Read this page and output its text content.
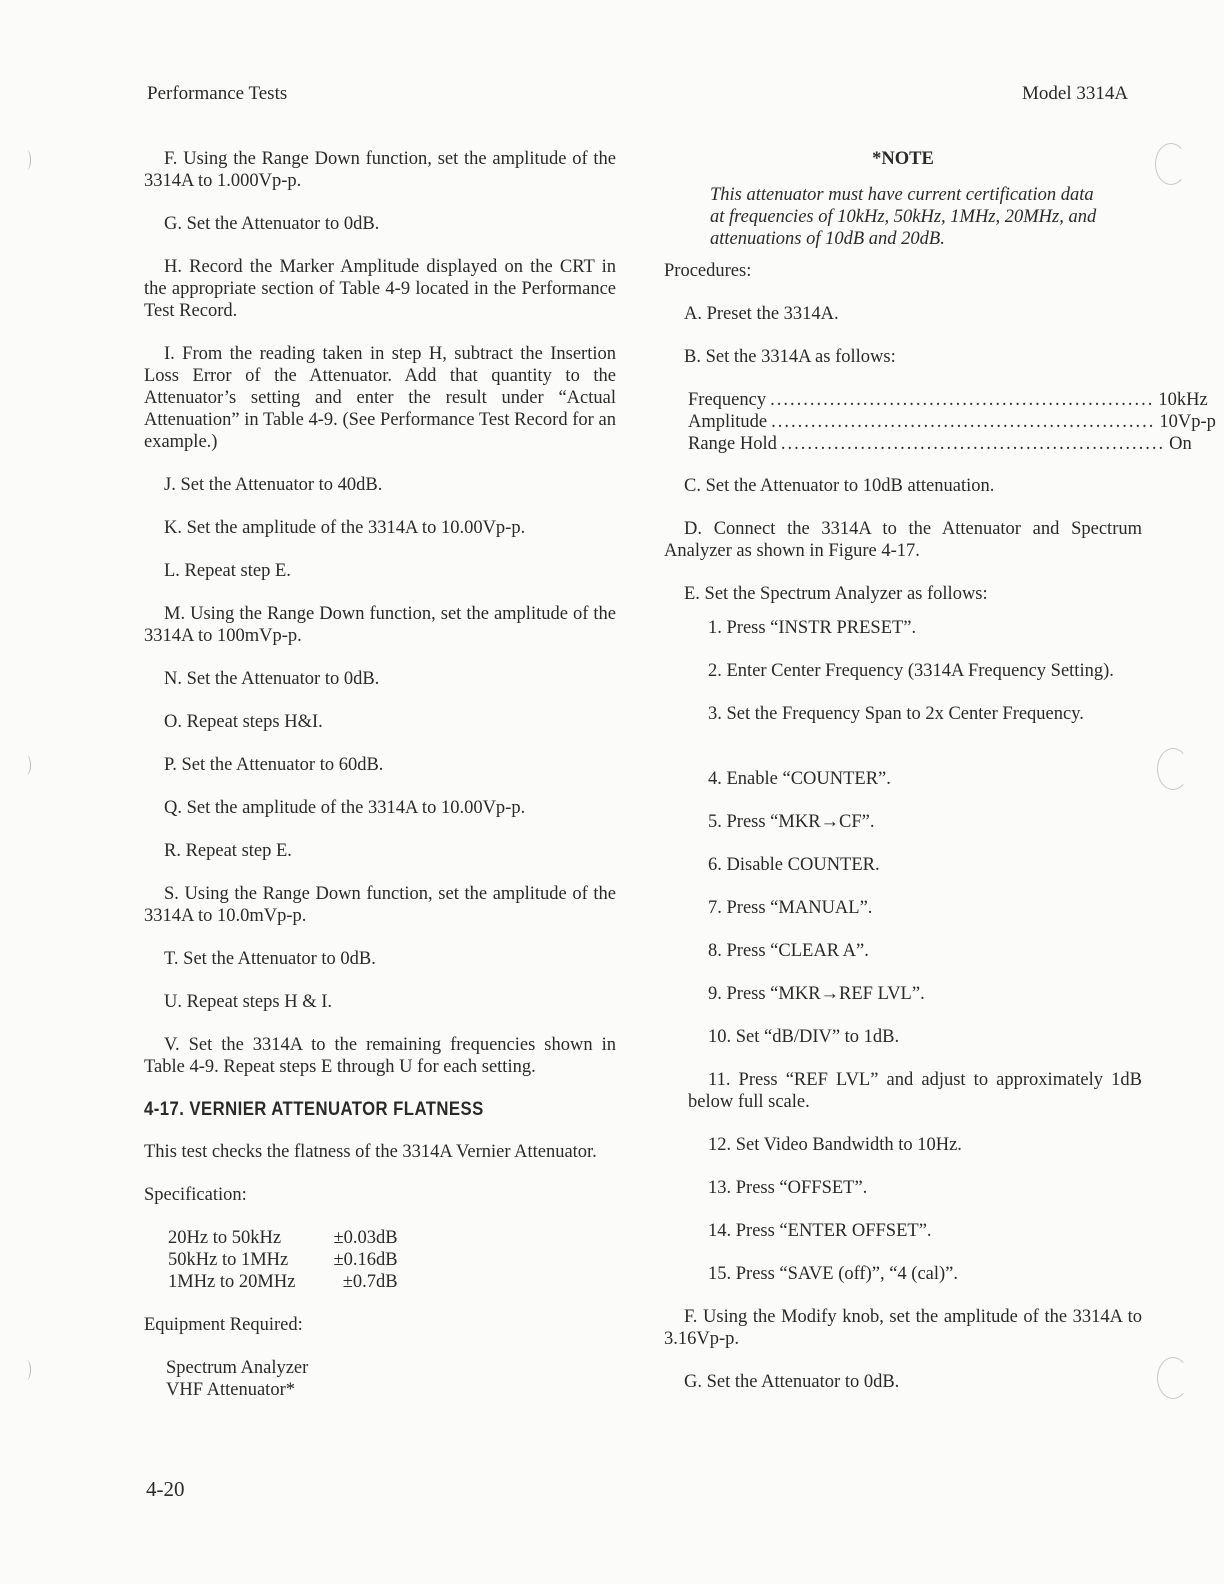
Performance Tests	Model 3314A

F. Using the Range Down function, set the amplitude of the 3314A to 1.000Vp-p.

G. Set the Attenuator to 0dB.

H. Record the Marker Amplitude displayed on the CRT in the appropriate section of Table 4-9 located in the Performance Test Record.

I. From the reading taken in step H, subtract the Insertion Loss Error of the Attenuator. Add that quantity to the Attenuator’s setting and enter the result under “Actual Attenuation” in Table 4-9. (See Performance Test Record for an example.)

J. Set the Attenuator to 40dB.

K. Set the amplitude of the 3314A to 10.00Vp-p.

L. Repeat step E.

M. Using the Range Down function, set the amplitude of the 3314A to 100mVp-p.

N. Set the Attenuator to 0dB.

O. Repeat steps H&I.

P. Set the Attenuator to 60dB.

Q. Set the amplitude of the 3314A to 10.00Vp-p.

R. Repeat step E.

S. Using the Range Down function, set the amplitude of the 3314A to 10.0mVp-p.

T. Set the Attenuator to 0dB.

U. Repeat steps H & I.

V. Set the 3314A to the remaining frequencies shown in Table 4-9. Repeat steps E through U for each setting.

4-17. VERNIER ATTENUATOR FLATNESS

This test checks the flatness of the 3314A Vernier Attenuator.

Specification:

20Hz to 50kHz	±0.03dB
50kHz to 1MHz	±0.16dB
1MHz to 20MHz	±0.7dB

Equipment Required:

Spectrum Analyzer
VHF Attenuator*
*NOTE

This attenuator must have current certification data at frequencies of 10kHz, 50kHz, 1MHz, 20MHz, and attenuations of 10dB and 20dB.

Procedures:

A. Preset the 3314A.

B. Set the 3314A as follows:

Frequency .......................................................... 10kHz
Amplitude .......................................................... 10Vp-p
Range Hold .......................................................... On

C. Set the Attenuator to 10dB attenuation.

D. Connect the 3314A to the Attenuator and Spectrum Analyzer as shown in Figure 4-17.

E. Set the Spectrum Analyzer as follows:

1. Press “INSTR PRESET”.

2. Enter Center Frequency (3314A Frequency Setting).

3. Set the Frequency Span to 2x Center Frequency.

4. Enable “COUNTER”.

5. Press “MKR→CF”.

6. Disable COUNTER.

7. Press “MANUAL”.

8. Press “CLEAR A”.

9. Press “MKR→REF LVL”.

10. Set “dB/DIV” to 1dB.

11. Press “REF LVL” and adjust to approximately 1dB below full scale.

12. Set Video Bandwidth to 10Hz.

13. Press “OFFSET”.

14. Press “ENTER OFFSET”.

15. Press “SAVE (off)”, “4 (cal)”.

F. Using the Modify knob, set the amplitude of the 3314A to 3.16Vp-p.

G. Set the Attenuator to 0dB.

4-20
